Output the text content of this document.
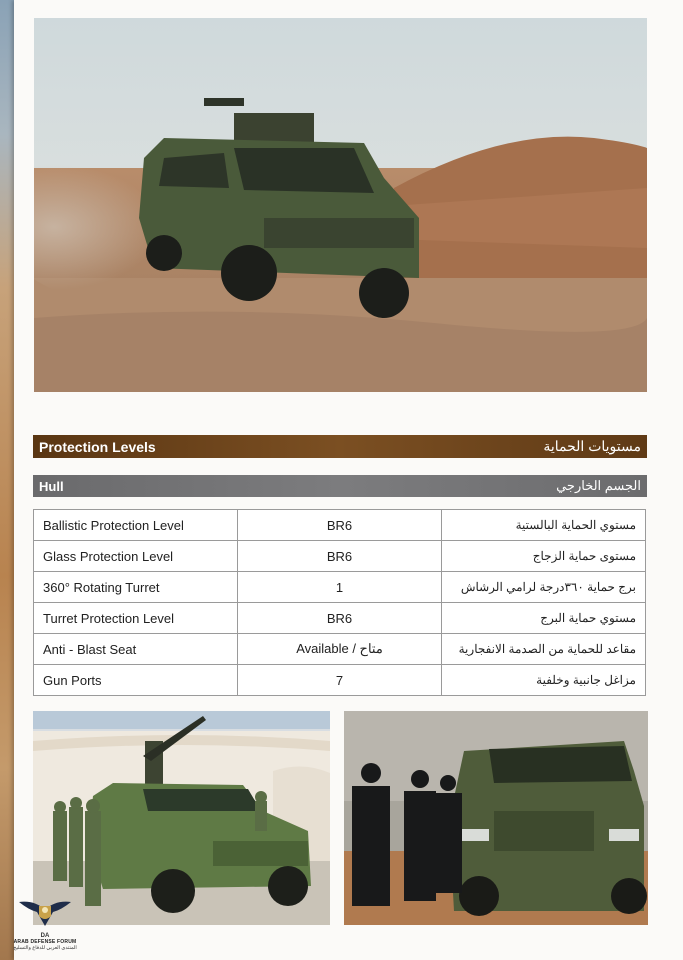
Protection Levels	مستويات الحماية
Hull	الجسم الخارجي
Ballistic Protection Level	BR6	مستوي الحماية البالستية
Glass Protection Level	BR6	مستوى حماية الزجاج
360° Rotating Turret	1	برج حماية ٣٦٠درجة لرامي الرشاش
Turret Protection Level	BR6	مستوي حماية البرج
Anti - Blast Seat	Available / متاح	مقاعد للحماية من الصدمة الانفجارية
Gun Ports	7	مزاغل جانبية وخلفية
DA
ARAB DEFENSE FORUM
المنتدى العربي للدفاع والتسليح
